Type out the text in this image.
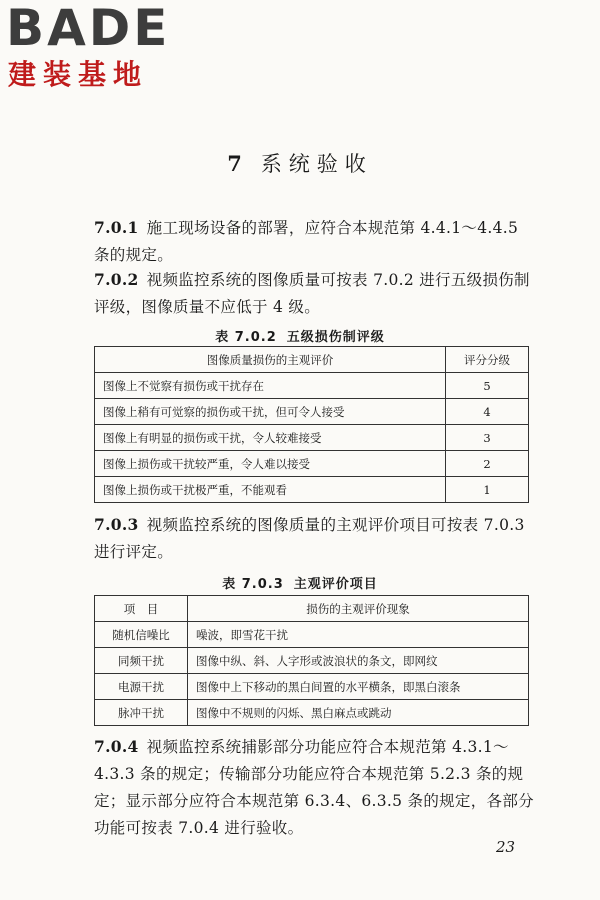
BADE
建装基地
7 系统验收
7.0.1 施工现场设备的部署，应符合本规范第 4.4.1～4.4.5 条的规定。
7.0.2 视频监控系统的图像质量可按表 7.0.2 进行五级损伤制评级，图像质量不应低于 4 级。
表 7.0.2 五级损伤制评级
图像质量损伤的主观评价	评分分级
图像上不觉察有损伤或干扰存在	5
图像上稍有可觉察的损伤或干扰，但可令人接受	4
图像上有明显的损伤或干扰，令人较难接受	3
图像上损伤或干扰较严重，令人难以接受	2
图像上损伤或干扰极严重，不能观看	1
7.0.3 视频监控系统的图像质量的主观评价项目可按表 7.0.3 进行评定。
表 7.0.3 主观评价项目
项　目	损伤的主观评价现象
随机信噪比	噪波，即雪花干扰
同频干扰	图像中纵、斜、人字形或波浪状的条文，即网纹
电源干扰	图像中上下移动的黑白间置的水平横条，即黑白滚条
脉冲干扰	图像中不规则的闪烁、黑白麻点或跳动
7.0.4 视频监控系统捕影部分功能应符合本规范第 4.3.1～4.3.3 条的规定；传输部分功能应符合本规范第 5.2.3 条的规定；显示部分应符合本规范第 6.3.4、6.3.5 条的规定，各部分功能可按表 7.0.4 进行验收。
23
